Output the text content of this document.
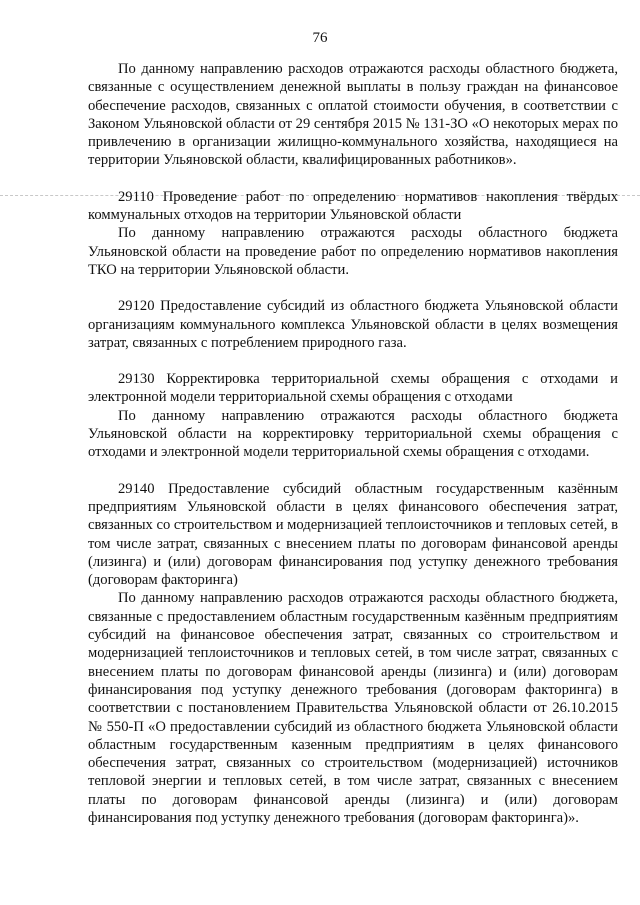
76

По данному направлению расходов отражаются расходы областного бюджета, связанные с осуществлением денежной выплаты в пользу граждан на финансовое обеспечение расходов, связанных с оплатой стоимости обучения, в соответствии с Законом Ульяновской области от 29 сентября 2015 № 131-ЗО «О некоторых мерах по привлечению в организации жилищно-коммунального хозяйства, находящиеся на территории Ульяновской области, квалифицированных работников».

29110 Проведение работ по определению нормативов накопления твёрдых коммунальных отходов на территории Ульяновской области

По данному направлению отражаются расходы областного бюджета Ульяновской области на проведение работ по определению нормативов накопления ТКО на территории Ульяновской области.

29120 Предоставление субсидий из областного бюджета Ульяновской области организациям коммунального комплекса Ульяновской области в целях возмещения затрат, связанных с потреблением природного газа.

29130 Корректировка территориальной схемы обращения с отходами и электронной модели территориальной схемы обращения с отходами

По данному направлению отражаются расходы областного бюджета Ульяновской области на корректировку территориальной схемы обращения с отходами и электронной модели территориальной схемы обращения с отходами.

29140 Предоставление субсидий областным государственным казённым предприятиям Ульяновской области в целях финансового обеспечения затрат, связанных со строительством и модернизацией теплоисточников и тепловых сетей, в том числе затрат, связанных с внесением платы по договорам финансовой аренды (лизинга) и (или) договорам финансирования под уступку денежного требования (договорам факторинга)

По данному направлению расходов отражаются расходы областного бюджета, связанные с предоставлением областным государственным казённым предприятиям субсидий на финансовое обеспечения затрат, связанных со строительством и модернизацией теплоисточников и тепловых сетей, в том числе затрат, связанных с внесением платы по договорам финансовой аренды (лизинга) и (или) договорам финансирования под уступку денежного требования (договорам факторинга) в соответствии с постановлением Правительства Ульяновской области от 26.10.2015 № 550-П «О предоставлении субсидий из областного бюджета Ульяновской области областным государственным казенным предприятиям в целях финансового обеспечения затрат, связанных со строительством (модернизацией) источников тепловой энергии и тепловых сетей, в том числе затрат, связанных с внесением платы по договорам финансовой аренды (лизинга) и (или) договорам финансирования под уступку денежного требования (договорам факторинга)».
